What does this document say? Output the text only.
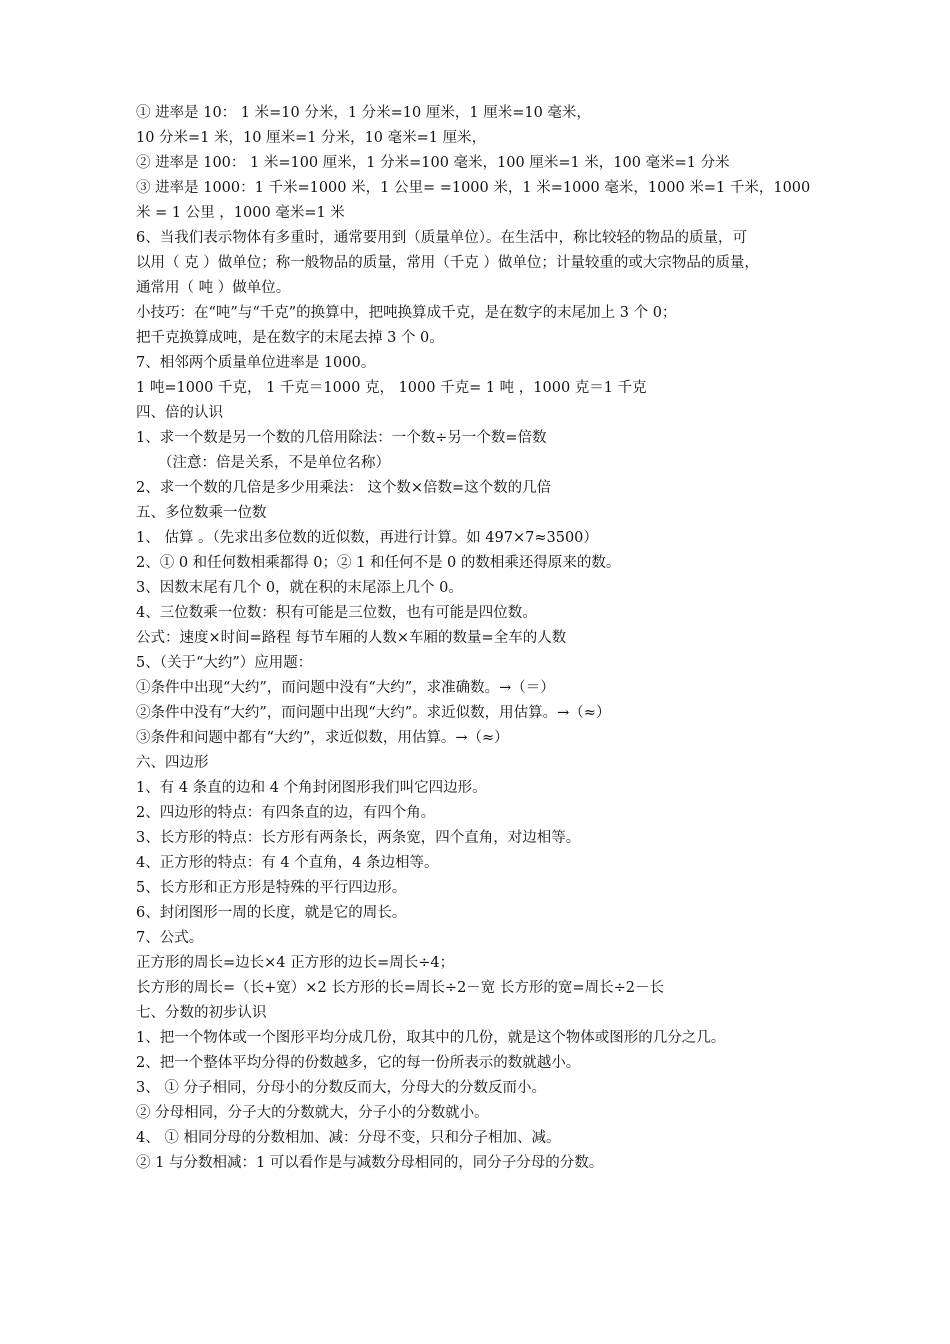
① 进率是 10： 1 米=10 分米，1 分米=10 厘米，1 厘米=10 毫米，
10 分米=1 米，10 厘米=1 分米，10 毫米=1 厘米，
② 进率是 100： 1 米=100 厘米，1 分米=100 毫米，100 厘米=1 米，100 毫米=1 分米
③ 进率是 1000：1 千米=1000 米，1 公里= =1000 米，1 米=1000 毫米，1000 米=1 千米，1000
米 = 1 公里 ，1000 毫米=1 米
6、当我们表示物体有多重时，通常要用到（质量单位）。在生活中，称比较轻的物品的质量，可
以用（ 克 ）做单位；称一般物品的质量，常用（千克 ）做单位；计量较重的或大宗物品的质量，
通常用（ 吨 ）做单位。
小技巧：在“吨”与“千克”的换算中，把吨换算成千克，是在数字的末尾加上 3 个 0；
把千克换算成吨，是在数字的末尾去掉 3 个 0。
7、相邻两个质量单位进率是 1000。
1 吨=1000 千克， 1 千克＝1000 克， 1000 千克= 1 吨 ，1000 克＝1 千克
四、倍的认识
1、求一个数是另一个数的几倍用除法：一个数÷另一个数=倍数
（注意：倍是关系，不是单位名称）
2、求一个数的几倍是多少用乘法： 这个数×倍数=这个数的几倍
五、多位数乘一位数
1、 估算 。（先求出多位数的近似数，再进行计算。如 497×7≈3500）
2、① 0 和任何数相乘都得 0；② 1 和任何不是 0 的数相乘还得原来的数。
3、因数末尾有几个 0，就在积的末尾添上几个 0。
4、三位数乘一位数：积有可能是三位数，也有可能是四位数。
公式：速度×时间=路程 每节车厢的人数×车厢的数量=全车的人数
5、（关于“大约”）应用题：
①条件中出现“大约”，而问题中没有“大约”，求准确数。→（＝）
②条件中没有“大约”，而问题中出现“大约”。求近似数，用估算。→（≈）
③条件和问题中都有“大约”，求近似数，用估算。→（≈）
六、四边形
1、有 4 条直的边和 4 个角封闭图形我们叫它四边形。
2、四边形的特点：有四条直的边，有四个角。
3、长方形的特点：长方形有两条长，两条宽，四个直角，对边相等。
4、正方形的特点：有 4 个直角，4 条边相等。
5、长方形和正方形是特殊的平行四边形。
6、封闭图形一周的长度，就是它的周长。
7、公式。
正方形的周长=边长×4 正方形的边长=周长÷4；
长方形的周长=（长+宽）×2 长方形的长=周长÷2－宽 长方形的宽=周长÷2－长
七、分数的初步认识
1、把一个物体或一个图形平均分成几份，取其中的几份，就是这个物体或图形的几分之几。
2、把一个整体平均分得的份数越多，它的每一份所表示的数就越小。
3、 ① 分子相同，分母小的分数反而大，分母大的分数反而小。
② 分母相同，分子大的分数就大，分子小的分数就小。
4、 ① 相同分母的分数相加、减：分母不变，只和分子相加、减。
② 1 与分数相减：1 可以看作是与减数分母相同的，同分子分母的分数。
